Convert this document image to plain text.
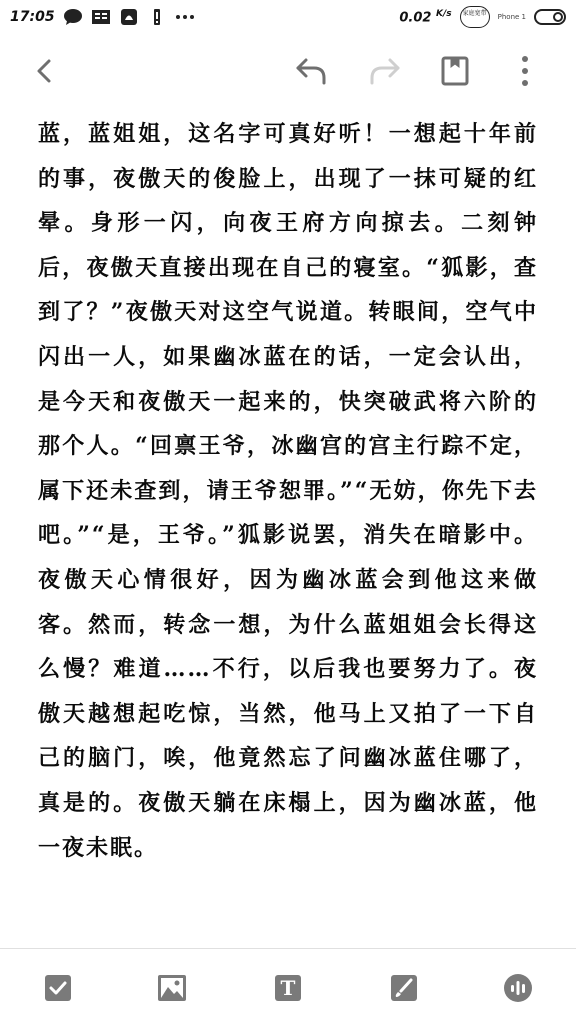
17:05	0.02 $^{K/s}$	家庭宽带	Phone 1

蓝，蓝姐姐，这名字可真好听！一想起十年前的事，夜傲天的俊脸上，出现了一抹可疑的红晕。身形一闪，向夜王府方向掠去。二刻钟后，夜傲天直接出现在自己的寝室。“狐影，查到了？”夜傲天对这空气说道。转眼间，空气中闪出一人，如果幽冰蓝在的话，一定会认出，是今天和夜傲天一起来的，快突破武将六阶的那个人。“回禀王爷，冰幽宫的宫主行踪不定，属下还未查到，请王爷恕罪。”“无妨，你先下去吧。”“是，王爷。”狐影说罢，消失在暗影中。夜傲天心情很好，因为幽冰蓝会到他这来做客。然而，转念一想，为什么蓝姐姐会长得这么慢？难道……不行，以后我也要努力了。夜傲天越想起吃惊，当然，他马上又拍了一下自己的脑门，唉，他竟然忘了问幽冰蓝住哪了，真是的。夜傲天躺在床榻上，因为幽冰蓝，他一夜未眠。

T
